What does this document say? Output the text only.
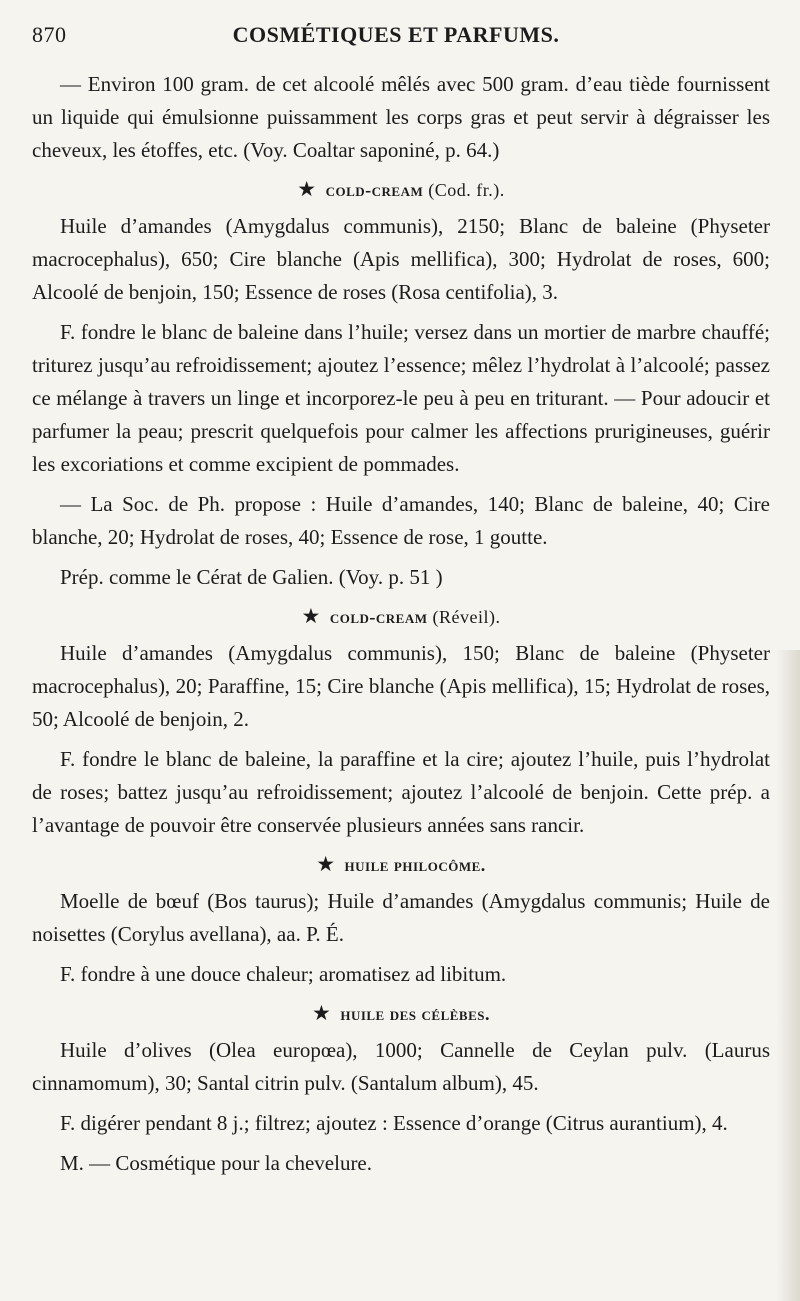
870	COSMÉTIQUES ET PARFUMS.

— Environ 100 gram. de cet alcoolé mêlés avec 500 gram. d’eau tiède fournissent un liquide qui émulsionne puissamment les corps gras et peut servir à dégraisser les cheveux, les étoffes, etc. (Voy. Coaltar saponiné, p. 64.)

★ cold-cream (Cod. fr.).

Huile d’amandes (Amygdalus communis), 2150; Blanc de baleine (Physeter macrocephalus), 650; Cire blanche (Apis mellifica), 300; Hydrolat de roses, 600; Alcoolé de benjoin, 150; Essence de roses (Rosa centifolia), 3.

F. fondre le blanc de baleine dans l’huile; versez dans un mortier de marbre chauffé; triturez jusqu’au refroidissement; ajoutez l’essence; mêlez l’hydrolat à l’alcoolé; passez ce mélange à travers un linge et incorporez-le peu à peu en triturant. — Pour adoucir et parfumer la peau; prescrit quelquefois pour calmer les affections prurigineuses, guérir les excoriations et comme excipient de pommades.

— La Soc. de Ph. propose : Huile d’amandes, 140; Blanc de baleine, 40; Cire blanche, 20; Hydrolat de roses, 40; Essence de rose, 1 goutte.

Prép. comme le Cérat de Galien. (Voy. p. 51 )

★ cold-cream (Réveil).

Huile d’amandes (Amygdalus communis), 150; Blanc de baleine (Physeter macrocephalus), 20; Paraffine, 15; Cire blanche (Apis mellifica), 15; Hydrolat de roses, 50; Alcoolé de benjoin, 2.

F. fondre le blanc de baleine, la paraffine et la cire; ajoutez l’huile, puis l’hydrolat de roses; battez jusqu’au refroidissement; ajoutez l’alcoolé de benjoin. Cette prép. a l’avantage de pouvoir être conservée plusieurs années sans rancir.

★ huile philocôme.

Moelle de bœuf (Bos taurus); Huile d’amandes (Amygdalus communis; Huile de noisettes (Corylus avellana), aa. P. É.

F. fondre à une douce chaleur; aromatisez ad libitum.

★ huile des célèbes.

Huile d’olives (Olea europœa), 1000; Cannelle de Ceylan pulv. (Laurus cinnamomum), 30; Santal citrin pulv. (Santalum album), 45.

F. digérer pendant 8 j.; filtrez; ajoutez : Essence d’orange (Citrus aurantium), 4.

M. — Cosmétique pour la chevelure.
